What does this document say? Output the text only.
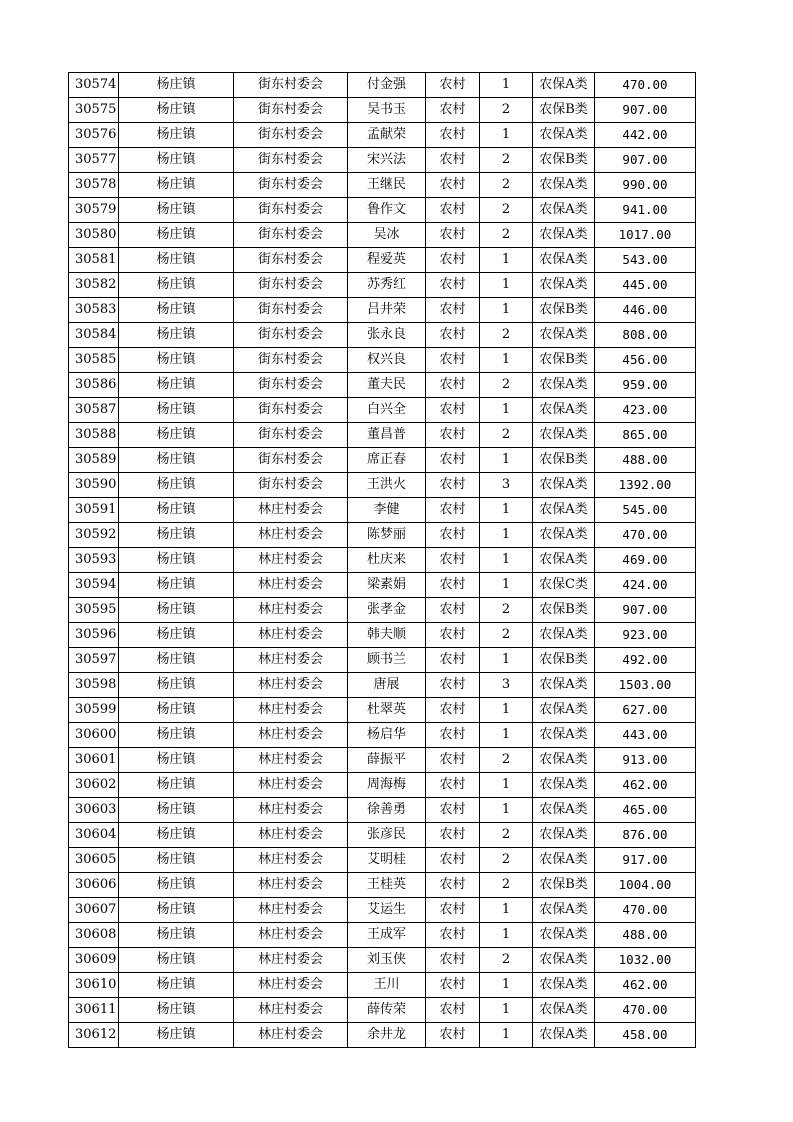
30574	杨庄镇	街东村委会	付金强	农村	1	农保A类	470.00
30575	杨庄镇	街东村委会	吴书玉	农村	2	农保B类	907.00
30576	杨庄镇	街东村委会	孟献荣	农村	1	农保A类	442.00
30577	杨庄镇	街东村委会	宋兴法	农村	2	农保B类	907.00
30578	杨庄镇	街东村委会	王继民	农村	2	农保A类	990.00
30579	杨庄镇	街东村委会	鲁作文	农村	2	农保A类	941.00
30580	杨庄镇	街东村委会	吴冰	农村	2	农保A类	1017.00
30581	杨庄镇	街东村委会	程爱英	农村	1	农保A类	543.00
30582	杨庄镇	街东村委会	苏秀红	农村	1	农保A类	445.00
30583	杨庄镇	街东村委会	吕井荣	农村	1	农保B类	446.00
30584	杨庄镇	街东村委会	张永良	农村	2	农保A类	808.00
30585	杨庄镇	街东村委会	权兴良	农村	1	农保B类	456.00
30586	杨庄镇	街东村委会	董夫民	农村	2	农保A类	959.00
30587	杨庄镇	街东村委会	白兴全	农村	1	农保A类	423.00
30588	杨庄镇	街东村委会	董昌普	农村	2	农保A类	865.00
30589	杨庄镇	街东村委会	席正春	农村	1	农保B类	488.00
30590	杨庄镇	街东村委会	王洪火	农村	3	农保A类	1392.00
30591	杨庄镇	林庄村委会	李健	农村	1	农保A类	545.00
30592	杨庄镇	林庄村委会	陈梦丽	农村	1	农保A类	470.00
30593	杨庄镇	林庄村委会	杜庆来	农村	1	农保A类	469.00
30594	杨庄镇	林庄村委会	梁素娟	农村	1	农保C类	424.00
30595	杨庄镇	林庄村委会	张孝金	农村	2	农保B类	907.00
30596	杨庄镇	林庄村委会	韩夫顺	农村	2	农保A类	923.00
30597	杨庄镇	林庄村委会	顾书兰	农村	1	农保B类	492.00
30598	杨庄镇	林庄村委会	唐展	农村	3	农保A类	1503.00
30599	杨庄镇	林庄村委会	杜翠英	农村	1	农保A类	627.00
30600	杨庄镇	林庄村委会	杨启华	农村	1	农保A类	443.00
30601	杨庄镇	林庄村委会	薛振平	农村	2	农保A类	913.00
30602	杨庄镇	林庄村委会	周海梅	农村	1	农保A类	462.00
30603	杨庄镇	林庄村委会	徐善勇	农村	1	农保A类	465.00
30604	杨庄镇	林庄村委会	张彦民	农村	2	农保A类	876.00
30605	杨庄镇	林庄村委会	艾明桂	农村	2	农保A类	917.00
30606	杨庄镇	林庄村委会	王桂英	农村	2	农保B类	1004.00
30607	杨庄镇	林庄村委会	艾运生	农村	1	农保A类	470.00
30608	杨庄镇	林庄村委会	王成军	农村	1	农保A类	488.00
30609	杨庄镇	林庄村委会	刘玉侠	农村	2	农保A类	1032.00
30610	杨庄镇	林庄村委会	王川	农村	1	农保A类	462.00
30611	杨庄镇	林庄村委会	薛传荣	农村	1	农保A类	470.00
30612	杨庄镇	林庄村委会	余井龙	农村	1	农保A类	458.00
